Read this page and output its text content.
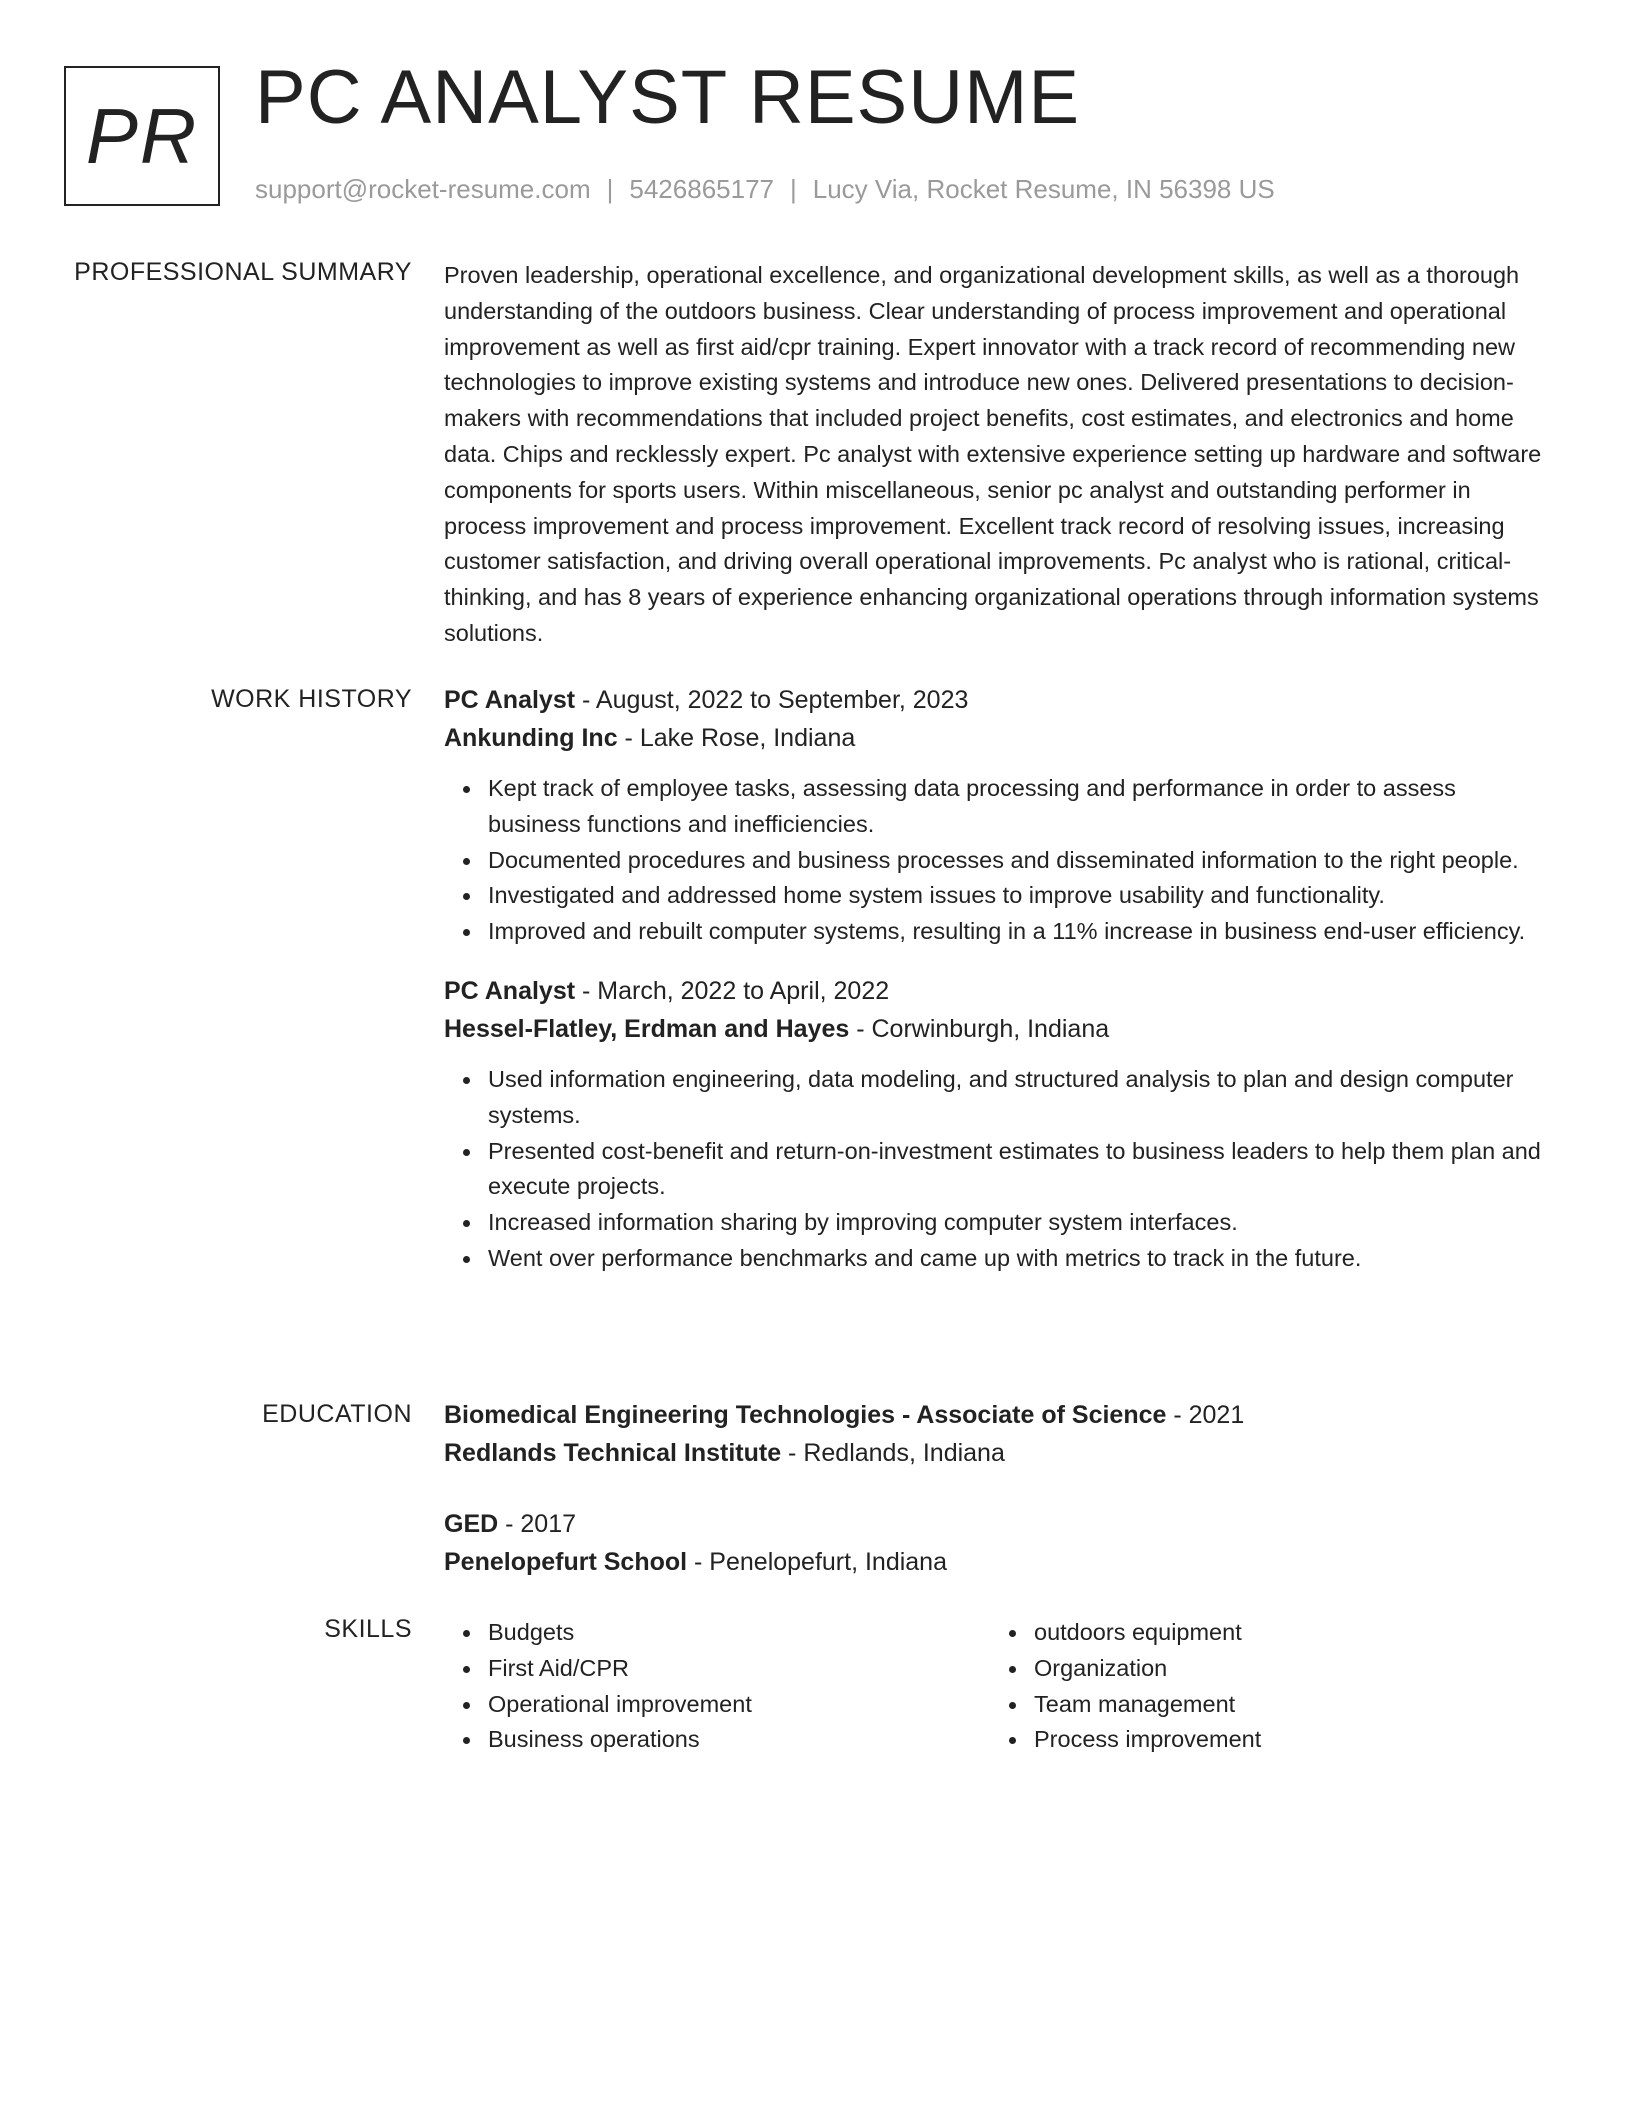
PR PC ANALYST RESUME
support@rocket-resume.com | 5426865177 | Lucy Via, Rocket Resume, IN 56398 US
PROFESSIONAL SUMMARY Proven leadership, operational excellence, and organizational development skills, as well as a thorough understanding of the outdoors business. Clear understanding of process improvement and operational improvement as well as first aid/cpr training. Expert innovator with a track record of recommending new technologies to improve existing systems and introduce new ones. Delivered presentations to decision-makers with recommendations that included project benefits, cost estimates, and electronics and home data. Chips and recklessly expert. Pc analyst with extensive experience setting up hardware and software components for sports users. Within miscellaneous, senior pc analyst and outstanding performer in process improvement and process improvement. Excellent track record of resolving issues, increasing customer satisfaction, and driving overall operational improvements. Pc analyst who is rational, critical-thinking, and has 8 years of experience enhancing organizational operations through information systems solutions.

WORK HISTORY PC Analyst - August, 2022 to September, 2023
Ankunding Inc - Lake Rose, Indiana
Kept track of employee tasks, assessing data processing and performance in order to assess business functions and inefficiencies.
Documented procedures and business processes and disseminated information to the right people.
Investigated and addressed home system issues to improve usability and functionality.
Improved and rebuilt computer systems, resulting in a 11% increase in business end-user efficiency.
PC Analyst - March, 2022 to April, 2022
Hessel-Flatley, Erdman and Hayes - Corwinburgh, Indiana
Used information engineering, data modeling, and structured analysis to plan and design computer systems.
Presented cost-benefit and return-on-investment estimates to business leaders to help them plan and execute projects.
Increased information sharing by improving computer system interfaces.
Went over performance benchmarks and came up with metrics to track in the future.
EDUCATION Biomedical Engineering Technologies - Associate of Science - 2021
Redlands Technical Institute - Redlands, Indiana
GED - 2017
Penelopefurt School - Penelopefurt, Indiana
SKILLS	Budgets
First Aid/CPR
Operational improvement
Business operations
outdoors equipment
Organization
Team management
Process improvement
